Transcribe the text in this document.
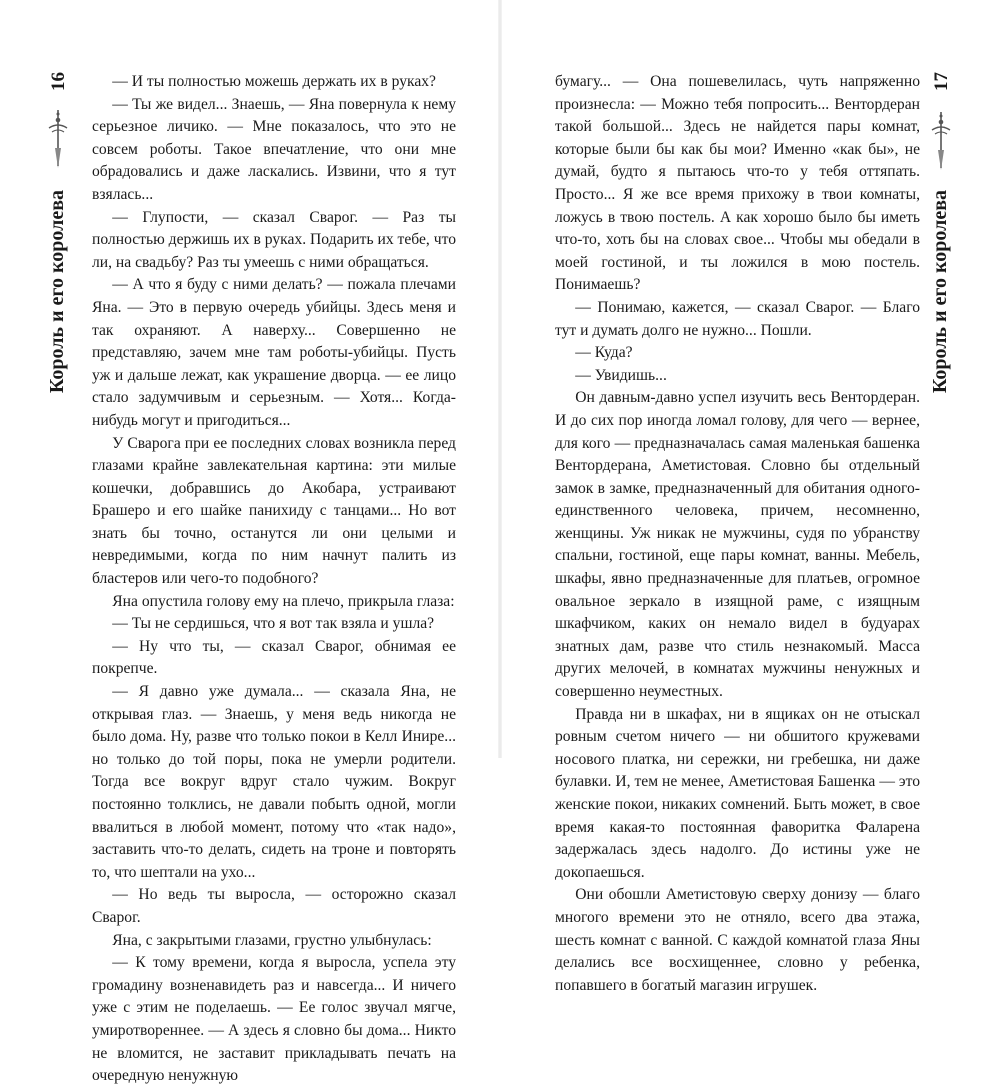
16
Король и его королева

— И ты полностью можешь держать их в руках?

— Ты же видел... Знаешь, — Яна повернула к нему серьезное личико. — Мне показалось, что это не совсем роботы. Такое впечатление, что они мне обрадовались и даже ласкались. Извини, что я тут взялась...

— Глупости, — сказал Сварог. — Раз ты полностью держишь их в руках. Подарить их тебе, что ли, на свадьбу? Раз ты умеешь с ними обращаться.

— А что я буду с ними делать? — пожала плечами Яна. — Это в первую очередь убийцы. Здесь меня и так охраняют. А наверху... Совершенно не представляю, зачем мне там роботы-убийцы. Пусть уж и дальше лежат, как украшение дворца. — ее лицо стало задумчивым и серьезным. — Хотя... Когда-нибудь могут и пригодиться...

У Сварога при ее последних словах возникла перед глазами крайне завлекательная картина: эти милые кошечки, добравшись до Акобара, устраивают Брашеро и его шайке панихиду с танцами... Но вот знать бы точно, останутся ли они целыми и невредимыми, когда по ним начнут палить из бластеров или чего-то подобного?

Яна опустила голову ему на плечо, прикрыла глаза:

— Ты не сердишься, что я вот так взяла и ушла?

— Ну что ты, — сказал Сварог, обнимая ее покрепче.

— Я давно уже думала... — сказала Яна, не открывая глаз. — Знаешь, у меня ведь никогда не было дома. Ну, разве что только покои в Келл Инире... но только до той поры, пока не умерли родители. Тогда все вокруг вдруг стало чужим. Вокруг постоянно толклись, не давали побыть одной, могли ввалиться в любой момент, потому что «так надо», заставить что-то делать, сидеть на троне и повторять то, что шептали на ухо...

— Но ведь ты выросла, — осторожно сказал Сварог.

Яна, с закрытыми глазами, грустно улыбнулась:

— К тому времени, когда я выросла, успела эту громадину возненавидеть раз и навсегда... И ничего уже с этим не поделаешь. — Ее голос звучал мягче, умиротвореннее. — А здесь я словно бы дома... Никто не вломится, не заставит прикладывать печать на очередную ненужную

17
Король и его королева

бумагу... — Она пошевелилась, чуть напряженно произнесла: — Можно тебя попросить... Вентордеран такой большой... Здесь не найдется пары комнат, которые были бы как бы мои? Именно «как бы», не думай, будто я пытаюсь что-то у тебя оттяпать. Просто... Я же все время прихожу в твои комнаты, ложусь в твою постель. А как хорошо было бы иметь что-то, хоть бы на словах свое... Чтобы мы обедали в моей гостиной, и ты ложился в мою постель. Понимаешь?

— Понимаю, кажется, — сказал Сварог. — Благо тут и думать долго не нужно... Пошли.

— Куда?

— Увидишь...

Он давным-давно успел изучить весь Вентордеран. И до сих пор иногда ломал голову, для чего — вернее, для кого — предназначалась самая маленькая башенка Вентордерана, Аметистовая. Словно бы отдельный замок в замке, предназначенный для обитания одного-единственного человека, причем, несомненно, женщины. Уж никак не мужчины, судя по убранству спальни, гостиной, еще пары комнат, ванны. Мебель, шкафы, явно предназначенные для платьев, огромное овальное зеркало в изящной раме, с изящным шкафчиком, каких он немало видел в будуарах знатных дам, разве что стиль незнакомый. Масса других мелочей, в комнатах мужчины ненужных и совершенно неуместных.

Правда ни в шкафах, ни в ящиках он не отыскал ровным счетом ничего — ни обшитого кружевами носового платка, ни сережки, ни гребешка, ни даже булавки. И, тем не менее, Аметистовая Башенка — это женские покои, никаких сомнений. Быть может, в свое время какая-то постоянная фаворитка Фаларена задержалась здесь надолго. До истины уже не докопаешься.

Они обошли Аметистовую сверху донизу — благо многого времени это не отняло, всего два этажа, шесть комнат с ванной. С каждой комнатой глаза Яны делались все восхищеннее, словно у ребенка, попавшего в богатый магазин игрушек.
